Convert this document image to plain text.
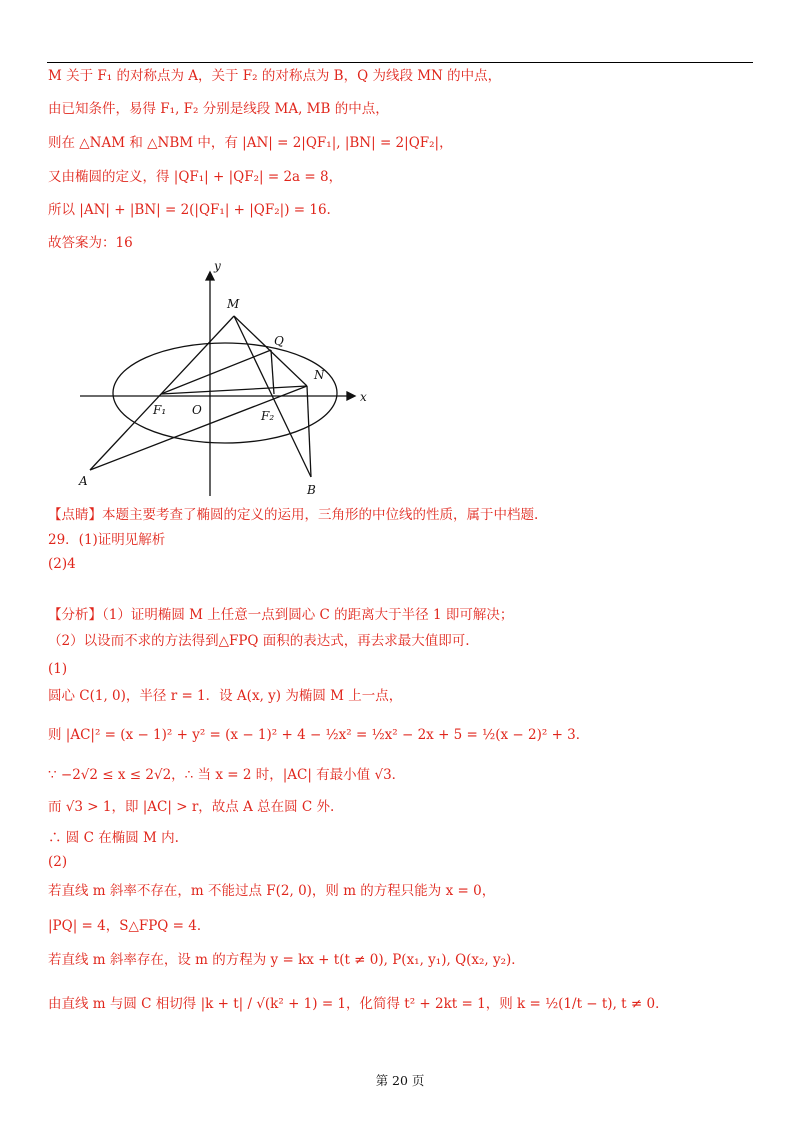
M 关于 F₁ 的对称点为 A，关于 F₂ 的对称点为 B，Q 为线段 MN 的中点，
由已知条件，易得 F₁, F₂ 分别是线段 MA, MB 的中点，
则在 △NAM 和 △NBM 中，有 |AN| = 2|QF₁|, |BN| = 2|QF₂|，
又由椭圆的定义，得 |QF₁| + |QF₂| = 2a = 8，
所以 |AN| + |BN| = 2(|QF₁| + |QF₂|) = 16.
故答案为：16
y
x
M
Q
N
F₁ O	F₂
A
B
【点睛】本题主要考查了椭圆的定义的运用，三角形的中位线的性质，属于中档题.
29．(1)证明见解析
(2)4
【分析】（1）证明椭圆 M 上任意一点到圆心 C 的距离大于半径 1 即可解决；
（2）以设而不求的方法得到△FPQ 面积的表达式，再去求最大值即可.
(1)
圆心 C(1, 0)，半径 r = 1．设 A(x, y) 为椭圆 M 上一点，
则 |AC|² = (x − 1)² + y² = (x − 1)² + 4 − ½x² = ½x² − 2x + 5 = ½(x − 2)² + 3．
∵ −2√2 ≤ x ≤ 2√2，∴ 当 x = 2 时，|AC| 有最小值 √3．
而 √3 > 1，即 |AC| > r，故点 A 总在圆 C 外.
∴ 圆 C 在椭圆 M 内.
(2)
若直线 m 斜率不存在，m 不能过点 F(2, 0)，则 m 的方程只能为 x = 0，
|PQ| = 4，S△FPQ = 4．
若直线 m 斜率存在，设 m 的方程为 y = kx + t(t ≠ 0), P(x₁, y₁), Q(x₂, y₂)．
由直线 m 与圆 C 相切得 |k + t| / √(k² + 1) = 1，化简得 t² + 2kt = 1，则 k = ½(1/t − t), t ≠ 0．
第 20 页
